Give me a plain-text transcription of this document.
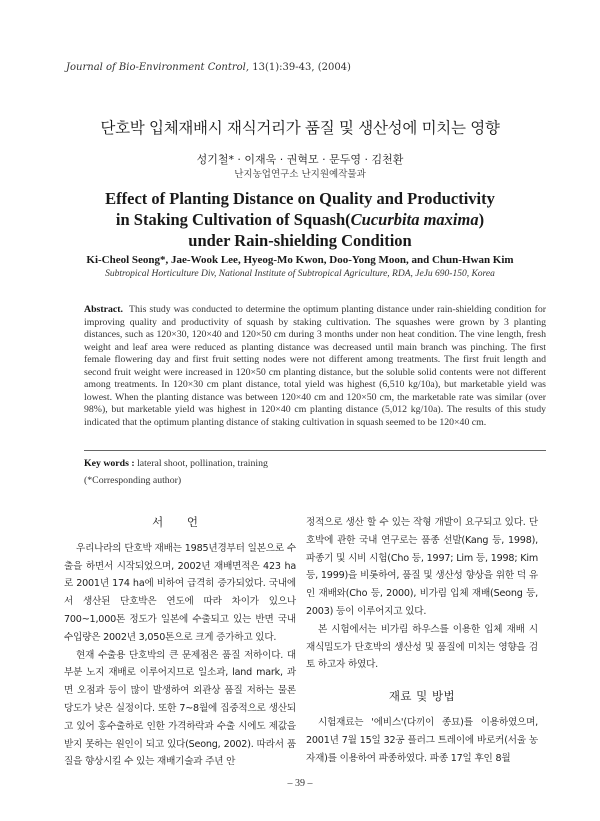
Journal of Bio-Environment Control, 13(1):39-43, (2004)
단호박 입체재배시 재식거리가 품질 및 생산성에 미치는 영향
성기철* · 이재욱 · 권혁모 · 문두영 · 김천환
난지농업연구소 난지원예작물과
Effect of Planting Distance on Quality and Productivity
in Staking Cultivation of Squash(Cucurbita maxima)
under Rain-shielding Condition
Ki-Cheol Seong*, Jae-Wook Lee, Hyeog-Mo Kwon, Doo-Yong Moon, and Chun-Hwan Kim
Subtropical Horticulture Div, National Institute of Subtropical Agriculture, RDA, JeJu 690-150, Korea
Abstract. This study was conducted to determine the optimum planting distance under rain-shielding condition for improving quality and productivity of squash by staking cultivation. The squashes were grown by 3 planting distances, such as 120×30, 120×40 and 120×50 cm during 3 months under non heat condition. The vine length, fresh weight and leaf area were reduced as planting distance was decreased until main branch was pinching. The first female flowering day and first fruit setting nodes were not different among treatments. The first fruit length and second fruit weight were increased in 120×50 cm planting distance, but the soluble solid contents were not different among treatments. In 120×30 cm plant distance, total yield was highest (6,510 kg/10a), but marketable yield was lowest. When the planting distance was between 120×40 cm and 120×50 cm, the marketable rate was similar (over 98%), but marketable yield was highest in 120×40 cm planting distance (5,012 kg/10a). The results of this study indicated that the optimum planting distance of staking cultivation in squash seemed to be 120×40 cm.
Key words : lateral shoot, pollination, training
(*Corresponding author)
서 언

우리나라의 단호박 재배는 1985년경부터 일본으로 수출을 하면서 시작되었으며, 2002년 재배면적은 423 ha로 2001년 174 ha에 비하여 급격히 증가되었다. 국내에서 생산된 단호박은 연도에 따라 차이가 있으나 700~1,000톤 정도가 일본에 수출되고 있는 반면 국내 수입량은 2002년 3,050톤으로 크게 증가하고 있다.

현재 수출용 단호박의 큰 문제점은 품질 저하이다. 대부분 노지 재배로 이루어지므로 일소과, land mark, 과면 오점과 등이 많이 발생하여 외관상 품질 저하는 물론 당도가 낮은 실정이다. 또한 7~8월에 집중적으로 생산되고 있어 홍수출하로 인한 가격하락과 수출 시에도 제값을 받지 못하는 원인이 되고 있다(Seong, 2002). 따라서 품질을 향상시킬 수 있는 재배기술과 주년 안

정적으로 생산 할 수 있는 작형 개발이 요구되고 있다. 단호박에 관한 국내 연구로는 품종 선발(Kang 등, 1998), 파종기 및 시비 시험(Cho 등, 1997; Lim 등, 1998; Kim 등, 1999)을 비롯하여, 품질 및 생산성 향상을 위한 덕 유인 재배와(Cho 등, 2000), 비가림 입체 재배(Seong 등, 2003) 등이 이루어지고 있다.

본 시험에서는 비가림 하우스를 이용한 입체 재배 시 재식밀도가 단호박의 생산성 및 품질에 미치는 영향을 검토 하고자 하였다.

재료 및 방법

시험재료는 '에비스'(다끼이 종묘)를 이용하였으며, 2001년 7월 15일 32공 플러그 트레이에 바로커(서울 농자재)를 이용하여 파종하였다. 파종 17일 후인 8월

– 39 –
